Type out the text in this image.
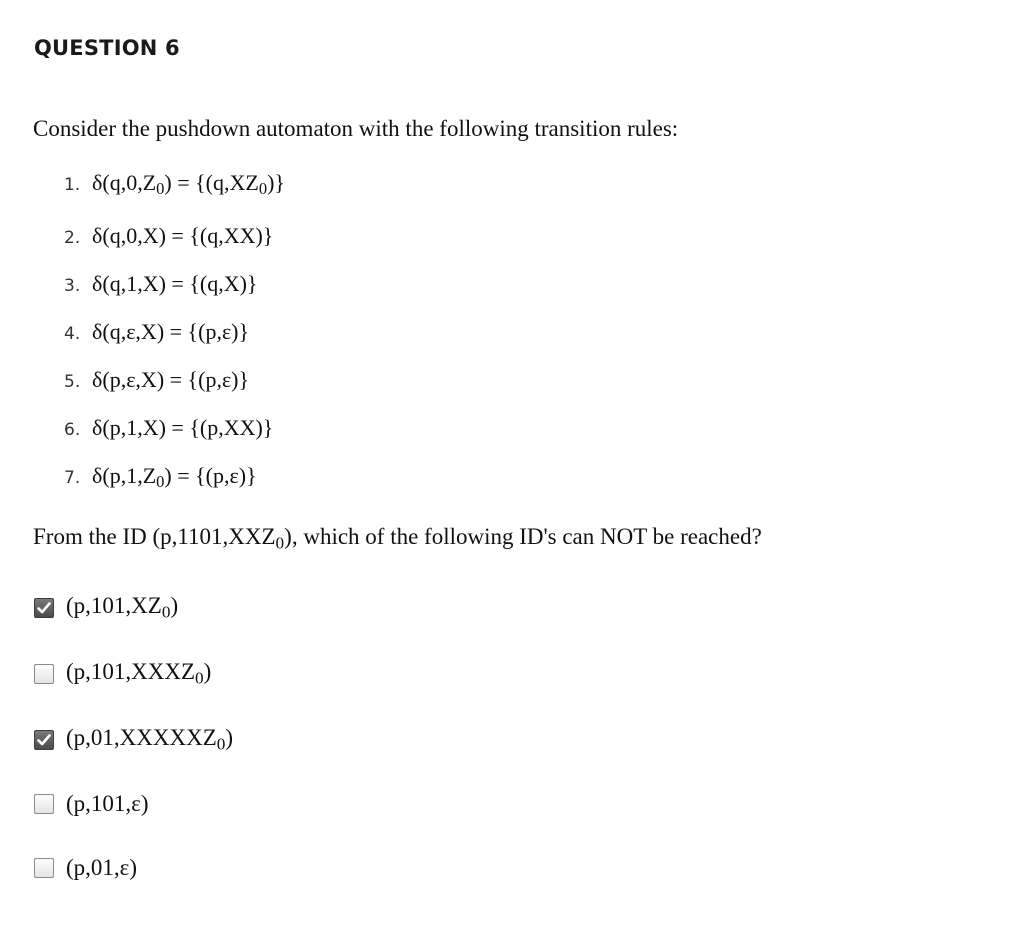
QUESTION 6
Consider the pushdown automaton with the following transition rules:
1. $\delta(q,0,Z_0) = \{(q,XZ_0)\}$
2. δ(q,0,X) = {(q,XX)}
3. δ(q,1,X) = {(q,X)}
4. δ(q,ε,X) = {(p,ε)}
5. δ(p,ε,X) = {(p,ε)}
6. δ(p,1,X) = {(p,XX)}
7. $\delta(p,1,Z_0) = \{(p,\varepsilon)\}$
From the ID $(p,1101,XXZ_0)$, which of the following ID's can NOT be reached?
$(p,101,XZ_0)$
$(p,101,XXXZ_0)$
$(p,01,XXXXXZ_0)$
(p,101,ε)
(p,01,ε)
